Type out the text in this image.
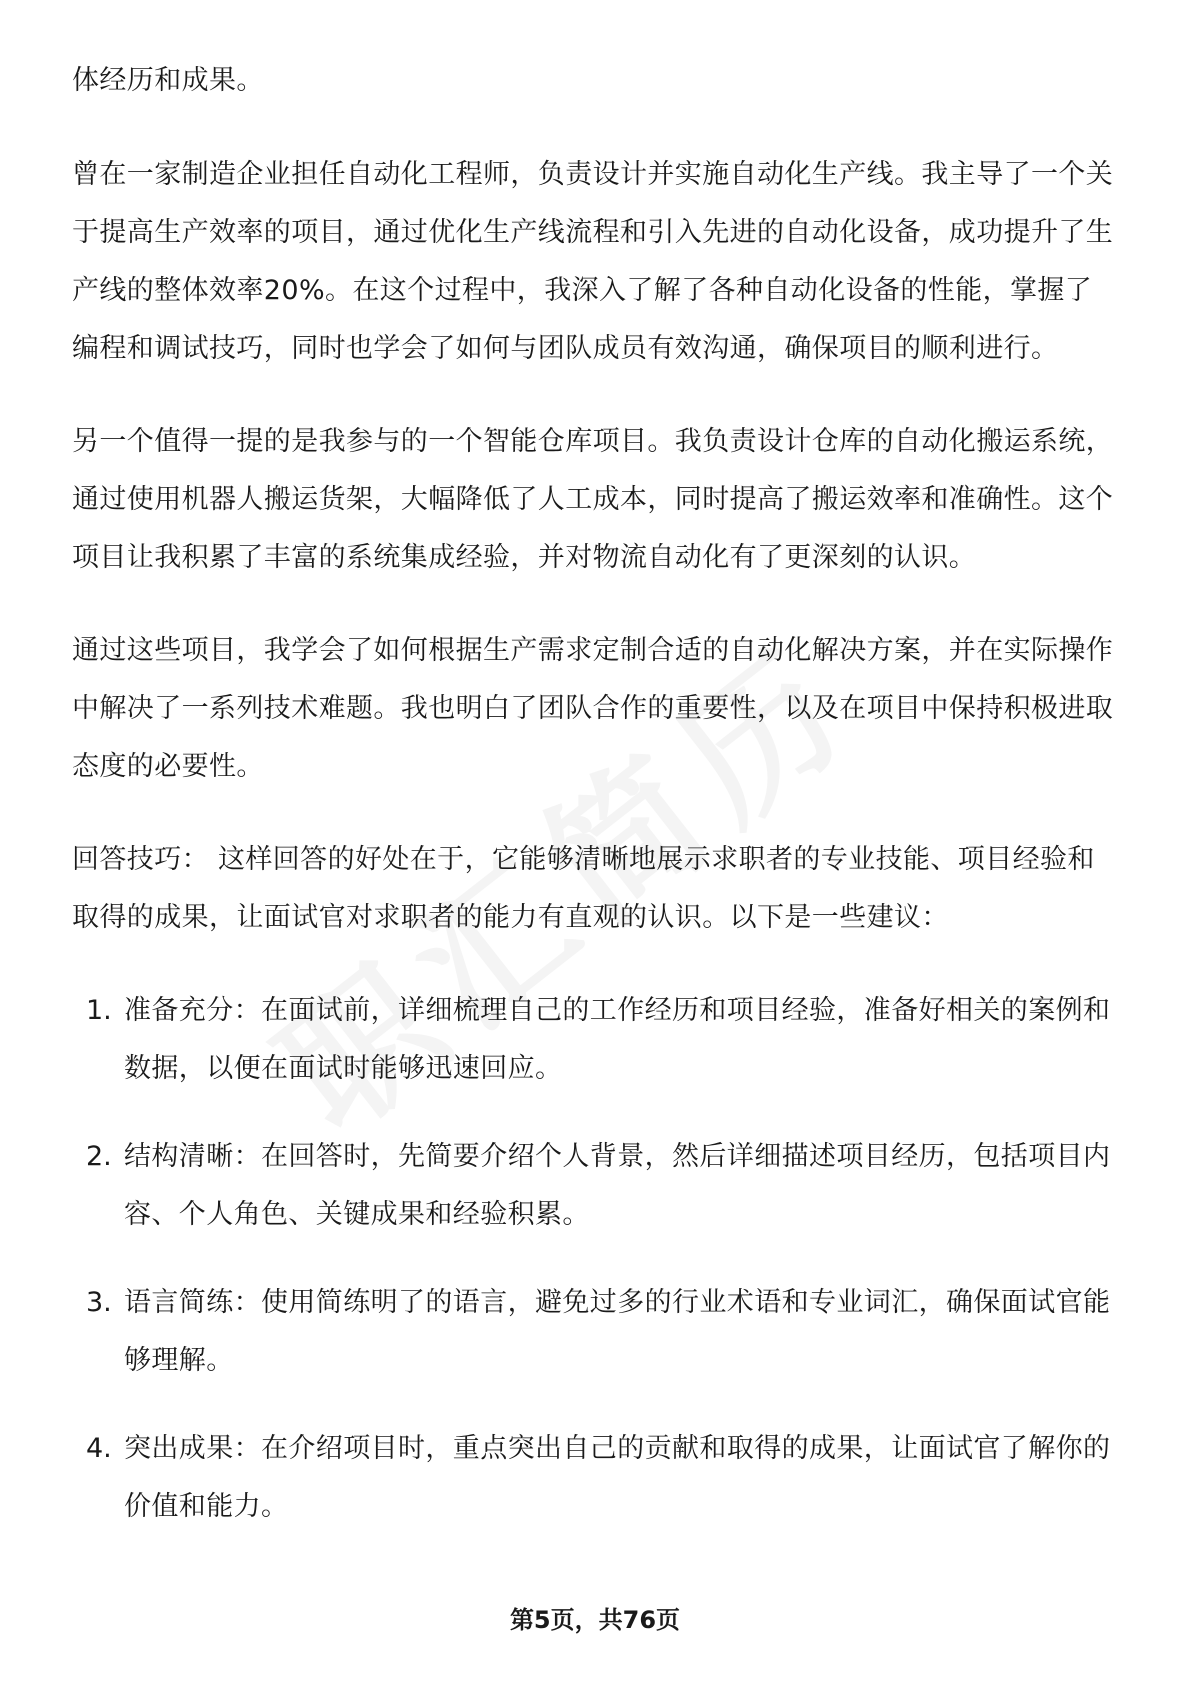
体经历和成果。

曾在一家制造企业担任自动化工程师，负责设计并实施自动化生产线。我主导了一个关于提高生产效率的项目，通过优化生产线流程和引入先进的自动化设备，成功提升了生产线的整体效率20%。在这个过程中，我深入了解了各种自动化设备的性能，掌握了编程和调试技巧，同时也学会了如何与团队成员有效沟通，确保项目的顺利进行。

另一个值得一提的是我参与的一个智能仓库项目。我负责设计仓库的自动化搬运系统，通过使用机器人搬运货架，大幅降低了人工成本，同时提高了搬运效率和准确性。这个项目让我积累了丰富的系统集成经验，并对物流自动化有了更深刻的认识。

通过这些项目，我学会了如何根据生产需求定制合适的自动化解决方案，并在实际操作中解决了一系列技术难题。我也明白了团队合作的重要性，以及在项目中保持积极进取态度的必要性。

回答技巧： 这样回答的好处在于，它能够清晰地展示求职者的专业技能、项目经验和取得的成果，让面试官对求职者的能力有直观的认识。以下是一些建议：

1. 准备充分：在面试前，详细梳理自己的工作经历和项目经验，准备好相关的案例和数据，以便在面试时能够迅速回应。

2. 结构清晰：在回答时，先简要介绍个人背景，然后详细描述项目经历，包括项目内容、个人角色、关键成果和经验积累。

3. 语言简练：使用简练明了的语言，避免过多的行业术语和专业词汇，确保面试官能够理解。

4. 突出成果：在介绍项目时，重点突出自己的贡献和取得的成果，让面试官了解你的价值和能力。

第5页，共76页
